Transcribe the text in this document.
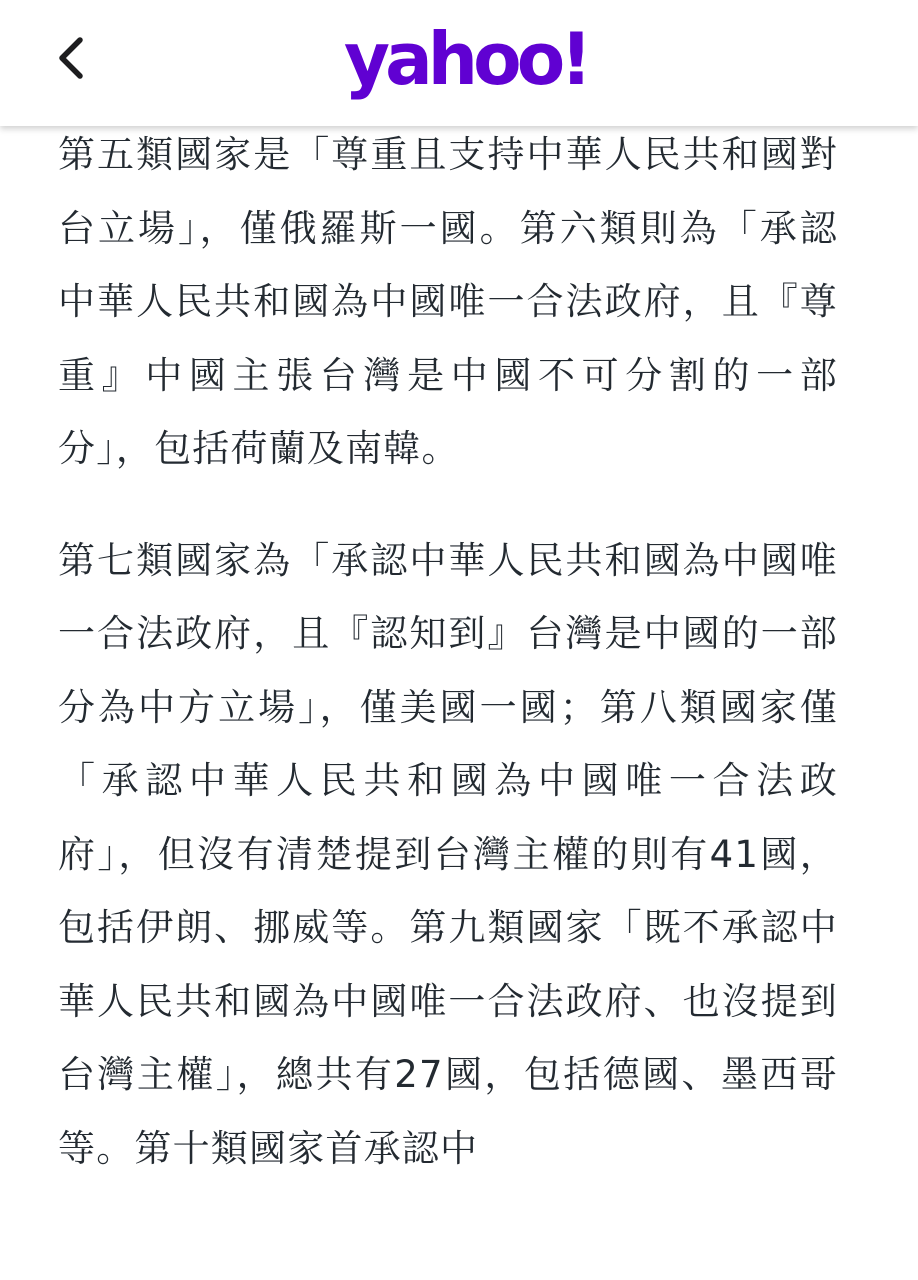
yahoo!

第五類國家是「尊重且支持中華人民共和國對台立場」，僅俄羅斯一國。第六類則為「承認中華人民共和國為中國唯一合法政府，且『尊重』中國主張台灣是中國不可分割的一部分」，包括荷蘭及南韓。

第七類國家為「承認中華人民共和國為中國唯一合法政府，且『認知到』台灣是中國的一部分為中方立場」，僅美國一國；第八類國家僅「承認中華人民共和國為中國唯一合法政府」，但沒有清楚提到台灣主權的則有41國，包括伊朗、挪威等。第九類國家「既不承認中華人民共和國為中國唯一合法政府、也沒提到台灣主權」，總共有27國，包括德國、墨西哥等。第十類國家首承認中
